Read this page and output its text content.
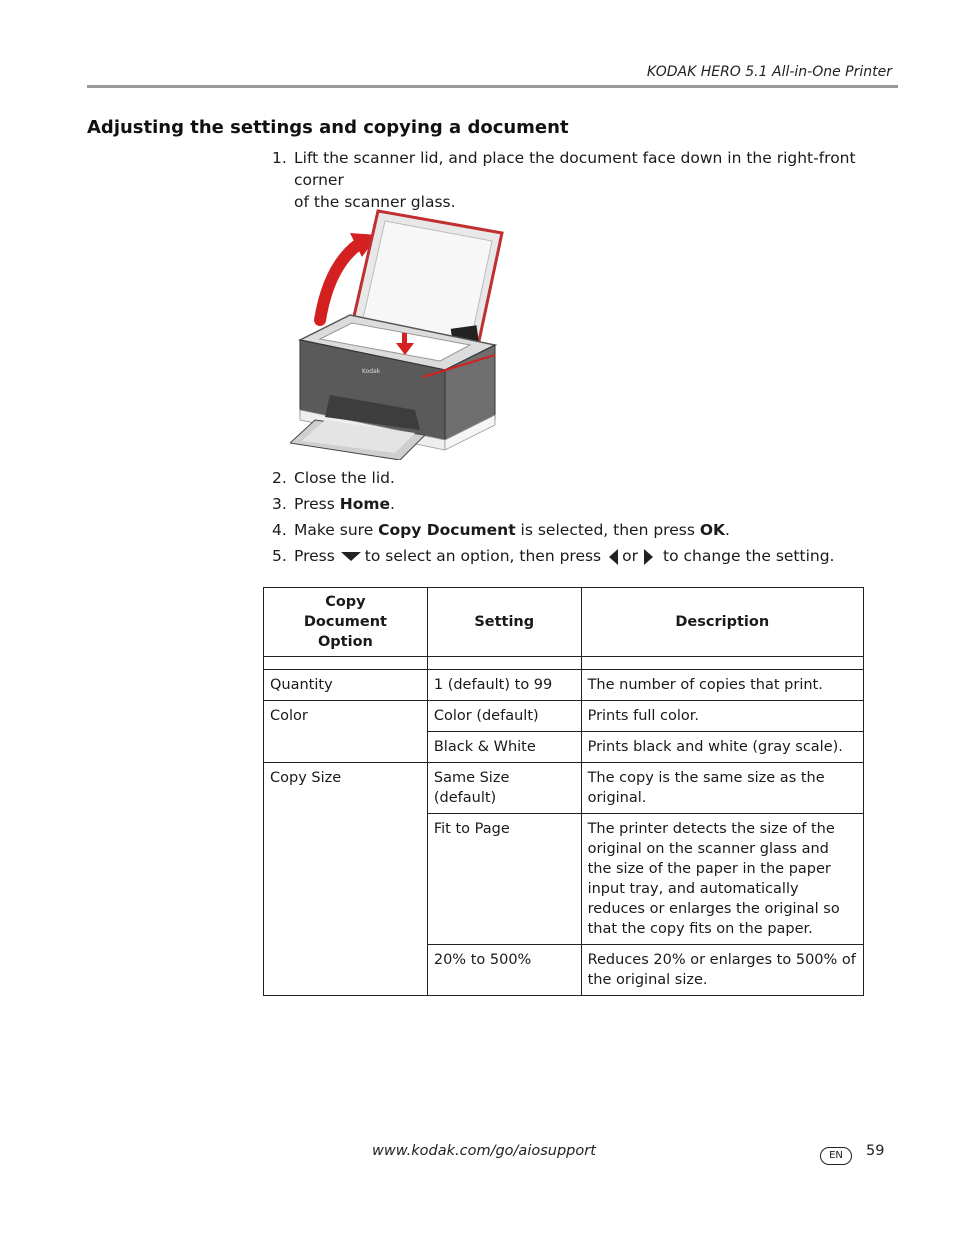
KODAK HERO 5.1 All-in-One Printer
Adjusting the settings and copying a document
1. Lift the scanner lid, and place the document face down in the right-front corner
of the scanner glass.
Kodak
2. Close the lid.
3. Press Home.
4. Make sure Copy Document is selected, then press OK.
5. Press to select an option, then press or to change the setting.
Copy Document Option	Setting	Description

Quantity	1 (default) to 99	The number of copies that print.
Color	Color (default)	Prints full color.
	Black & White	Prints black and white (gray scale).
Copy Size	Same Size (default)	The copy is the same size as the original.
	Fit to Page	The printer detects the size of the original on the scanner glass and the size of the paper in the paper input tray, and automatically reduces or enlarges the original so that the copy fits on the paper.
	20% to 500%	Reduces 20% or enlarges to 500% of the original size.
www.kodak.com/go/aiosupport	EN	59
